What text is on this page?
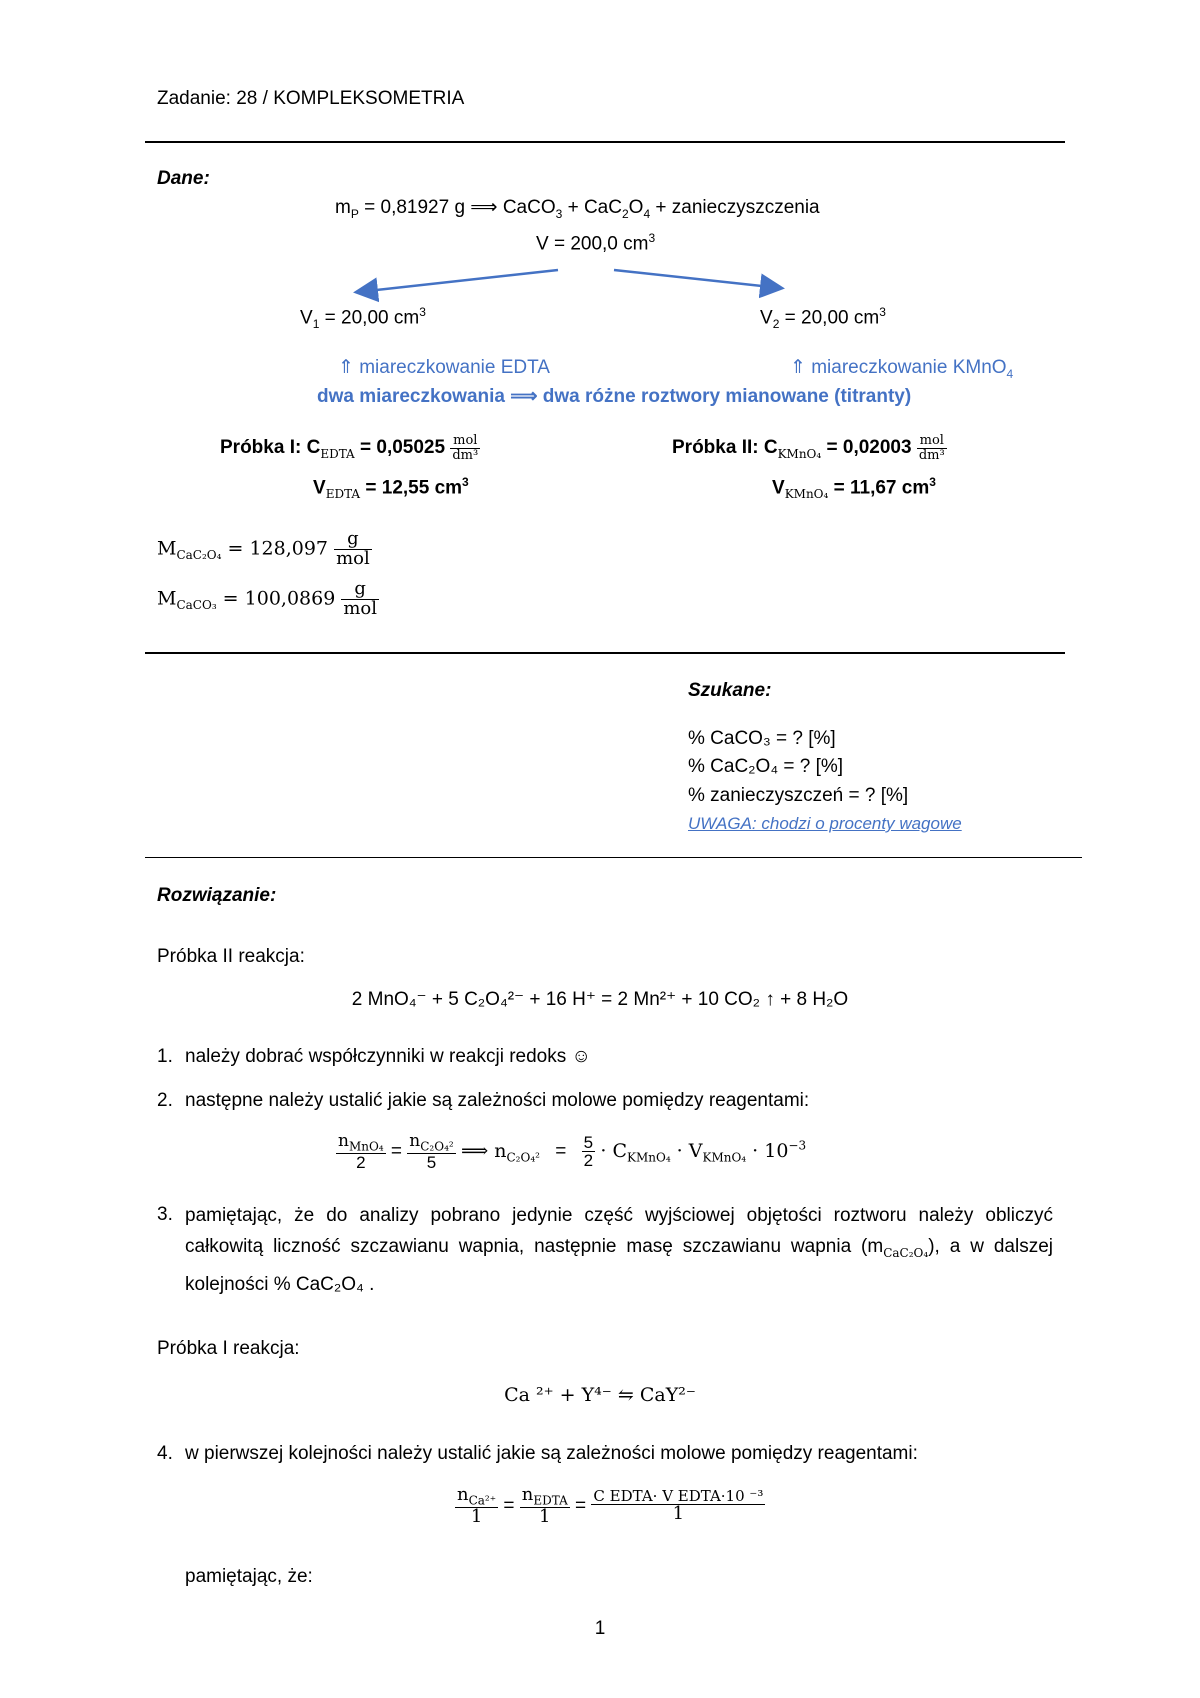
Zadanie: 28 / KOMPLEKSOMETRIA
Dane:
$m_P = 0,81927$ g ⟹ CaCO$_3$ + $CaC_2O_4$ + zanieczyszczenia
V = 200,0 $cm^3$
$V_1 = 20,00$ $cm^3$	$V_2 = 20,00$ $cm^3$
⇑ miareczkowanie EDTA	⇑ miareczkowanie KMnO$_4$
dwa miareczkowania ⟹ dwa różne roztwory mianowane (titranty)
Próbka I: $C_{EDTA} = 0,05025 \frac{\text{mol}}{\text{dm³}}$
$V_{EDTA} = 12,55$ $cm^3$
Próbka II: $C_{KMnO_4} = 0,02003 \frac{\text{mol}}{\text{dm³}}$
$V_{KMnO_4} = 11,67$ $cm^3$
$M_{CaC_2O_4} = 128,097 \frac{g}{\text{mol}}$
$M_{CaCO_3} = 100,0869 \frac{g}{\text{mol}}$
Szukane:
% CaCO₃ = ? [%]
% CaC₂O₄ = ? [%]
% zanieczyszczeń = ? [%]
UWAGA: chodzi o procenty wagowe
Rozwiązanie:
Próbka II reakcja:
2 MnO₄⁻ + 5 C₂O₄²⁻ + 16 H⁺ = 2 Mn²⁺ + 10 CO₂ ↑ + 8 H₂O
1. należy dobrać współczynniki w reakcji redoks ☺
2. następne należy ustalić jakie są zależności molowe pomiędzy reagentami:
$\frac{n_{MnO_4}}{2} = \frac{n_{C_2O_4^2}}{5}$ ⟹ $n_{C_2O_4^2} = \frac{5}{2} \cdot C_{KMnO_4} \cdot V_{KMnO_4} \cdot 10^{-3}$
3. pamiętając, że do analizy pobrano jedynie część wyjściowej objętości roztworu należy obliczyć całkowitą liczność szczawianu wapnia, następnie masę szczawianu wapnia $(m_{CaC_2O_4})$, a w dalszej kolejności % CaC₂O₄ .
Próbka I reakcja:
Ca ²⁺ + Y⁴⁻ ⇋ CaY²⁻
4. w pierwszej kolejności należy ustalić jakie są zależności molowe pomiędzy reagentami:
$\frac{n_{Ca^{2+}}}{1} = \frac{n_{EDTA}}{1} = \frac{\text{C EDTA· V EDTA·10 ⁻³}}{1}$
pamiętając, że:
1
